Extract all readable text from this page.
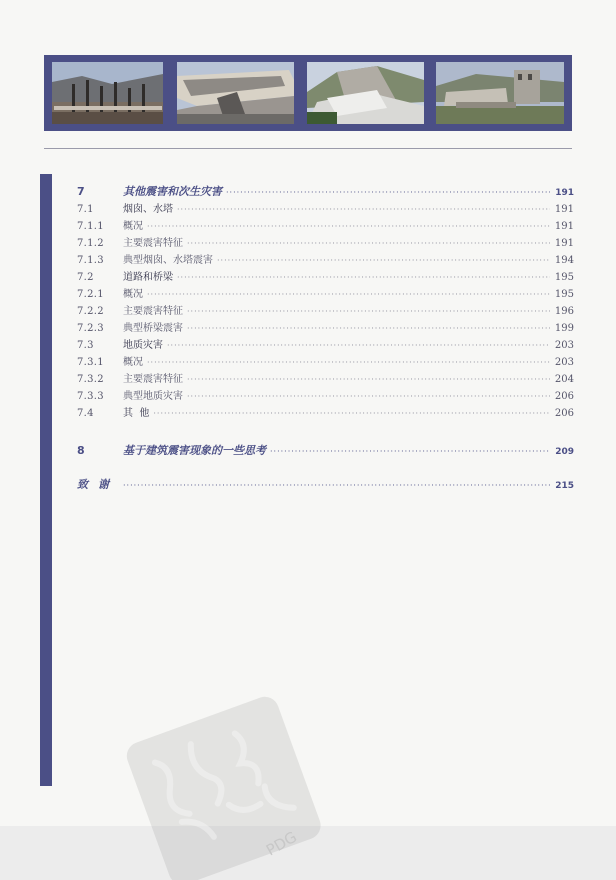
7	其他震害和次生灾害 ·····	191
7.1	烟囱、水塔 ·····	191
7.1.1	概况 ·····	191
7.1.2	主要震害特征 ·····	191
7.1.3	典型烟囱、水塔震害 ·····	194
7.2	道路和桥梁 ·····	195
7.2.1	概况 ·····	195
7.2.2	主要震害特征 ·····	196
7.2.3	典型桥梁震害 ·····	199
7.3	地质灾害 ·····	203
7.3.1	概况 ·····	203
7.3.2	主要震害特征 ·····	204
7.3.3	典型地质灾害 ·····	206
7.4	其  他 ·····	206
8	基于建筑震害现象的一些思考 ·····	209
致谢 ·····	215
PDG
